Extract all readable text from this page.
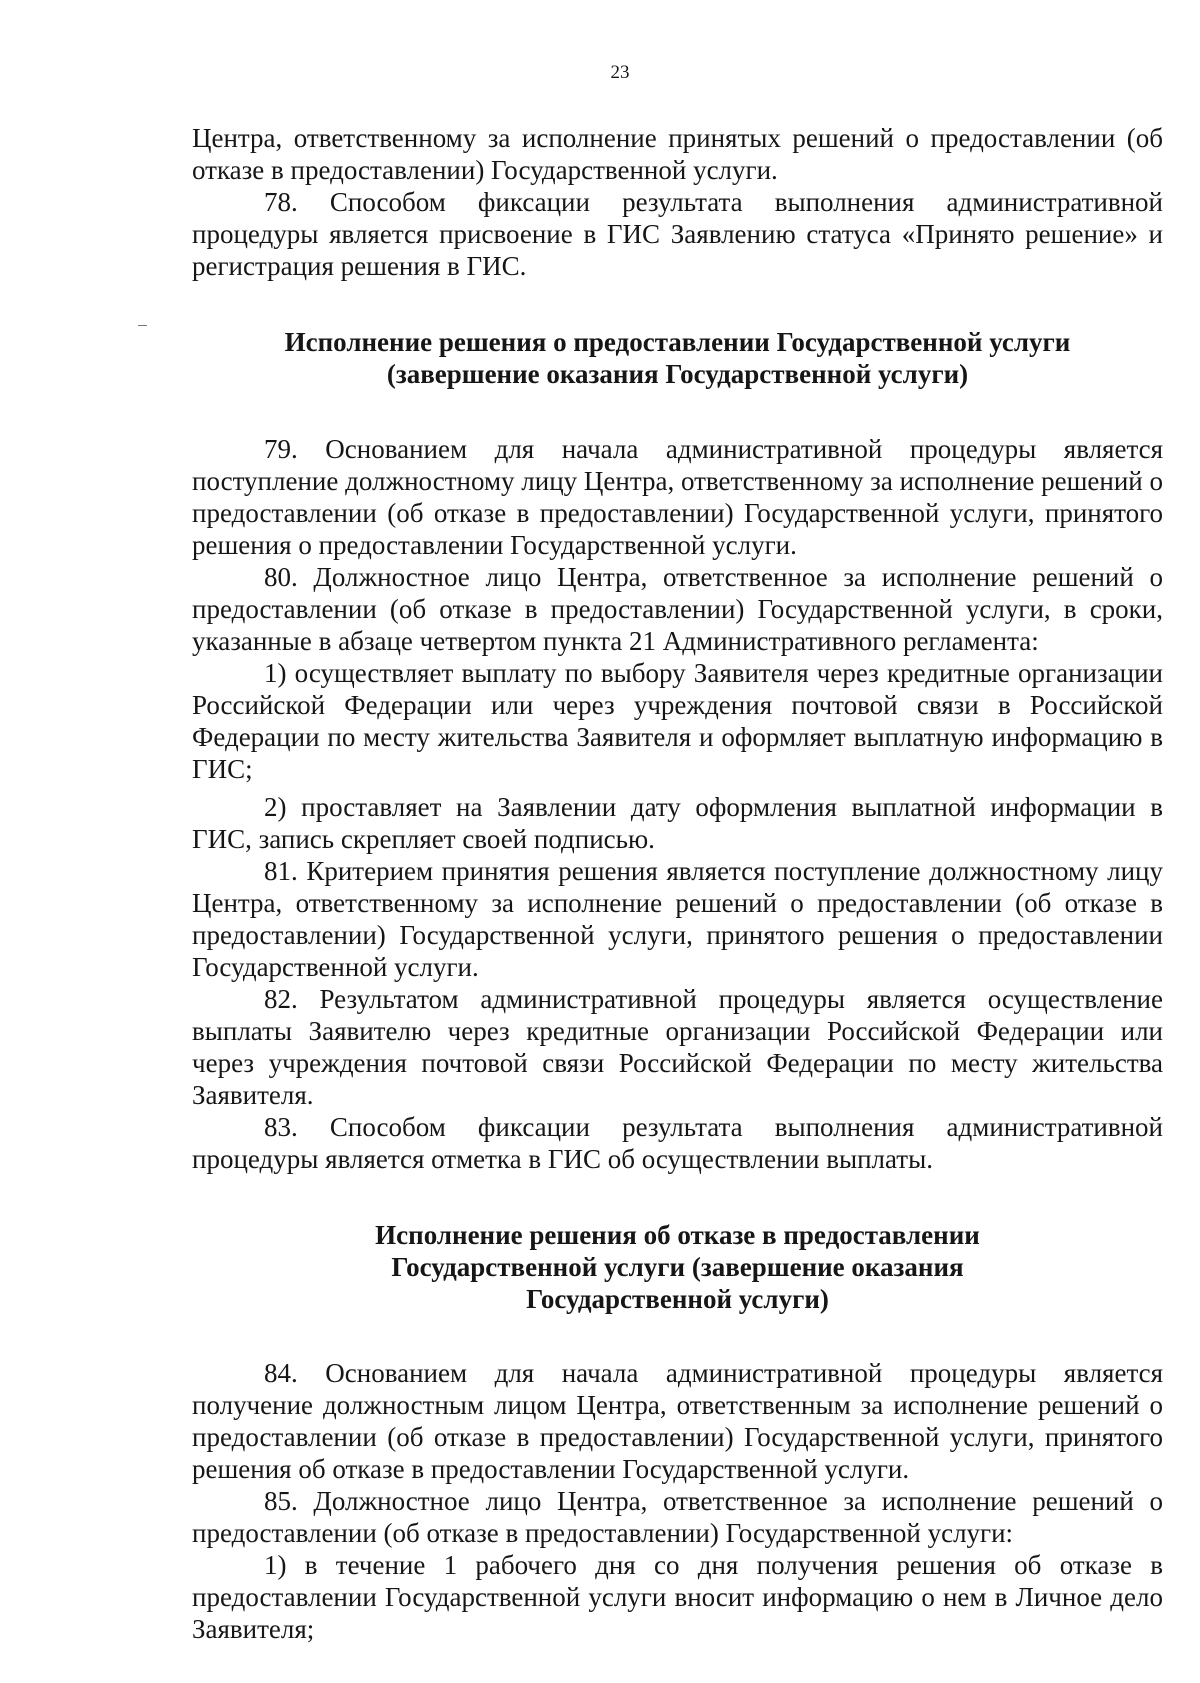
23

Центра, ответственному за исполнение принятых решений о предоставлении (об отказе в предоставлении) Государственной услуги.

78. Способом фиксации результата выполнения административной процедуры является присвоение в ГИС Заявлению статуса «Принято решение» и регистрация решения в ГИС.

Исполнение решения о предоставлении Государственной услуги
(завершение оказания Государственной услуги)

79. Основанием для начала административной процедуры является поступление должностному лицу Центра, ответственному за исполнение решений о предоставлении (об отказе в предоставлении) Государственной услуги, принятого решения о предоставлении Государственной услуги.

80. Должностное лицо Центра, ответственное за исполнение решений о предоставлении (об отказе в предоставлении) Государственной услуги, в сроки, указанные в абзаце четвертом пункта 21 Административного регламента:

1) осуществляет выплату по выбору Заявителя через кредитные организации Российской Федерации или через учреждения почтовой связи в Российской Федерации по месту жительства Заявителя и оформляет выплатную информацию в ГИС;

2) проставляет на Заявлении дату оформления выплатной информации в ГИС, запись скрепляет своей подписью.

81. Критерием принятия решения является поступление должностному лицу Центра, ответственному за исполнение решений о предоставлении (об отказе в предоставлении) Государственной услуги, принятого решения о предоставлении Государственной услуги.

82. Результатом административной процедуры является осуществление выплаты Заявителю через кредитные организации Российской Федерации или через учреждения почтовой связи Российской Федерации по месту жительства Заявителя.

83. Способом фиксации результата выполнения административной процедуры является отметка в ГИС об осуществлении выплаты.

Исполнение решения об отказе в предоставлении
Государственной услуги (завершение оказания
Государственной услуги)

84. Основанием для начала административной процедуры является получение должностным лицом Центра, ответственным за исполнение решений о предоставлении (об отказе в предоставлении) Государственной услуги, принятого решения об отказе в предоставлении Государственной услуги.

85. Должностное лицо Центра, ответственное за исполнение решений о предоставлении (об отказе в предоставлении) Государственной услуги:

1) в течение 1 рабочего дня со дня получения решения об отказе в предоставлении Государственной услуги вносит информацию о нем в Личное дело Заявителя;
